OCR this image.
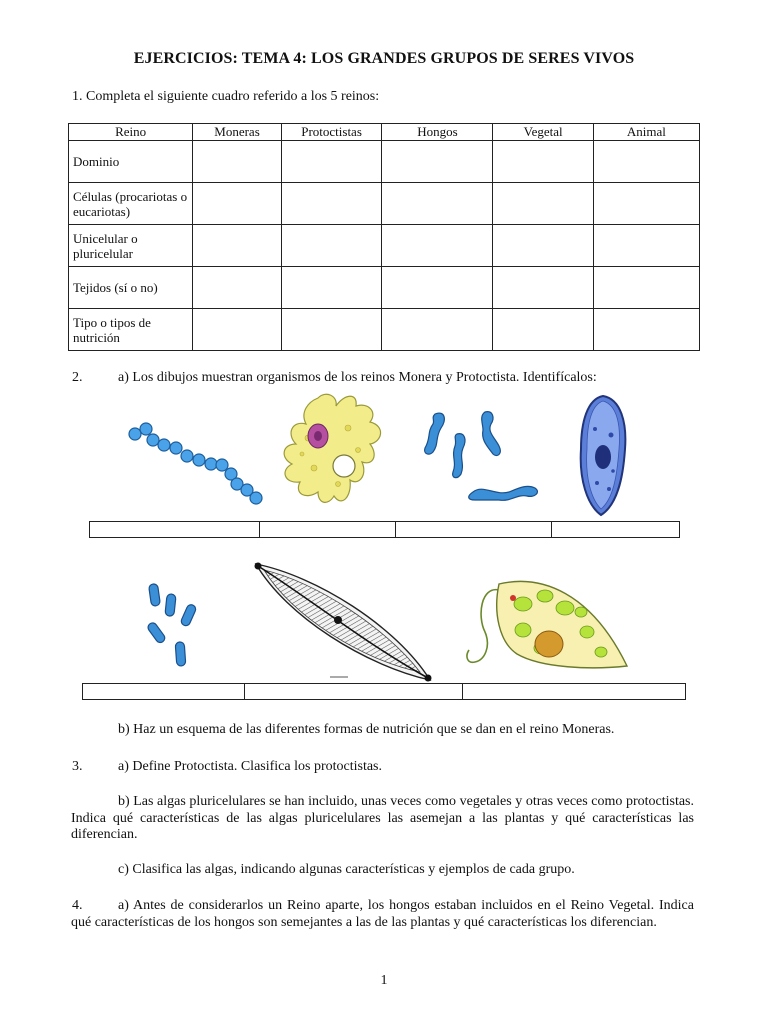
EJERCICIOS: TEMA 4: LOS GRANDES GRUPOS DE SERES VIVOS
1. Completa el siguiente cuadro referido a los 5 reinos:
Reino	Moneras	Protoctistas	Hongos	Vegetal	Animal
Dominio					
Células (procariotas o eucariotas)					
Unicelular o pluricelular					
Tejidos (sí o no)					
Tipo o tipos de nutrición					
2.	a) Los dibujos muestran organismos de los reinos Monera y Protoctista. Identifícalos:
b) Haz un esquema de las diferentes formas de nutrición que se dan en el reino Moneras.
3.	a) Define Protoctista. Clasifica los protoctistas.
b) Las algas pluricelulares se han incluido, unas veces como vegetales y otras veces como protoctistas. Indica qué características de las algas pluricelulares las asemejan a las plantas y qué características las diferencian.
c) Clasifica las algas, indicando algunas características y ejemplos de cada grupo.
4.	a) Antes de considerarlos un Reino aparte, los hongos estaban incluidos en el Reino Vegetal. Indica qué características de los hongos son semejantes a las de las plantas y qué características los diferencian.
1
